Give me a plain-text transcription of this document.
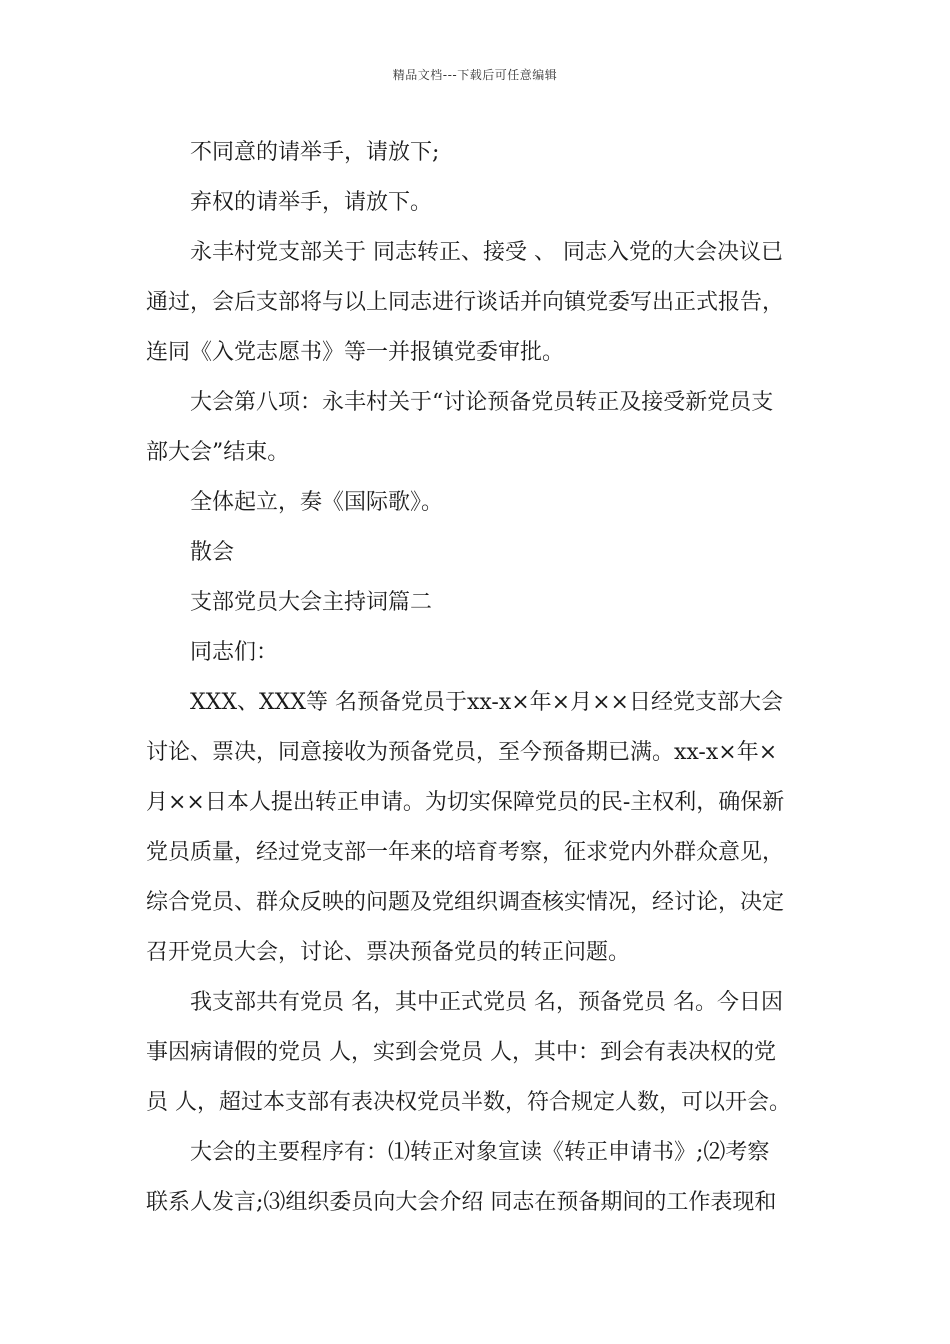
精品文档---下载后可任意编辑

不同意的请举手，请放下;

弃权的请举手，请放下。

永丰村党支部关于 同志转正、接受 、 同志入党的大会决议已

通过，会后支部将与以上同志进行谈话并向镇党委写出正式报告，

连同《入党志愿书》等一并报镇党委审批。

大会第八项：永丰村关于“讨论预备党员转正及接受新党员支

部大会”结束。

全体起立，奏《国际歌》。

散会

支部党员大会主持词篇二

同志们：

XXX、XXX等 名预备党员于xx-x×年×月××日经党支部大会

讨论、票决，同意接收为预备党员，至今预备期已满。xx-x×年×

月××日本人提出转正申请。为切实保障党员的民-主权利，确保新

党员质量，经过党支部一年来的培育考察，征求党内外群众意见，

综合党员、群众反映的问题及党组织调查核实情况，经讨论，决定

召开党员大会，讨论、票决预备党员的转正问题。

我支部共有党员 名，其中正式党员 名，预备党员 名。今日因

事因病请假的党员 人，实到会党员 人，其中：到会有表决权的党

员 人，超过本支部有表决权党员半数，符合规定人数，可以开会。

大会的主要程序有：⑴转正对象宣读《转正申请书》;⑵考察

联系人发言;⑶组织委员向大会介绍 同志在预备期间的工作表现和
